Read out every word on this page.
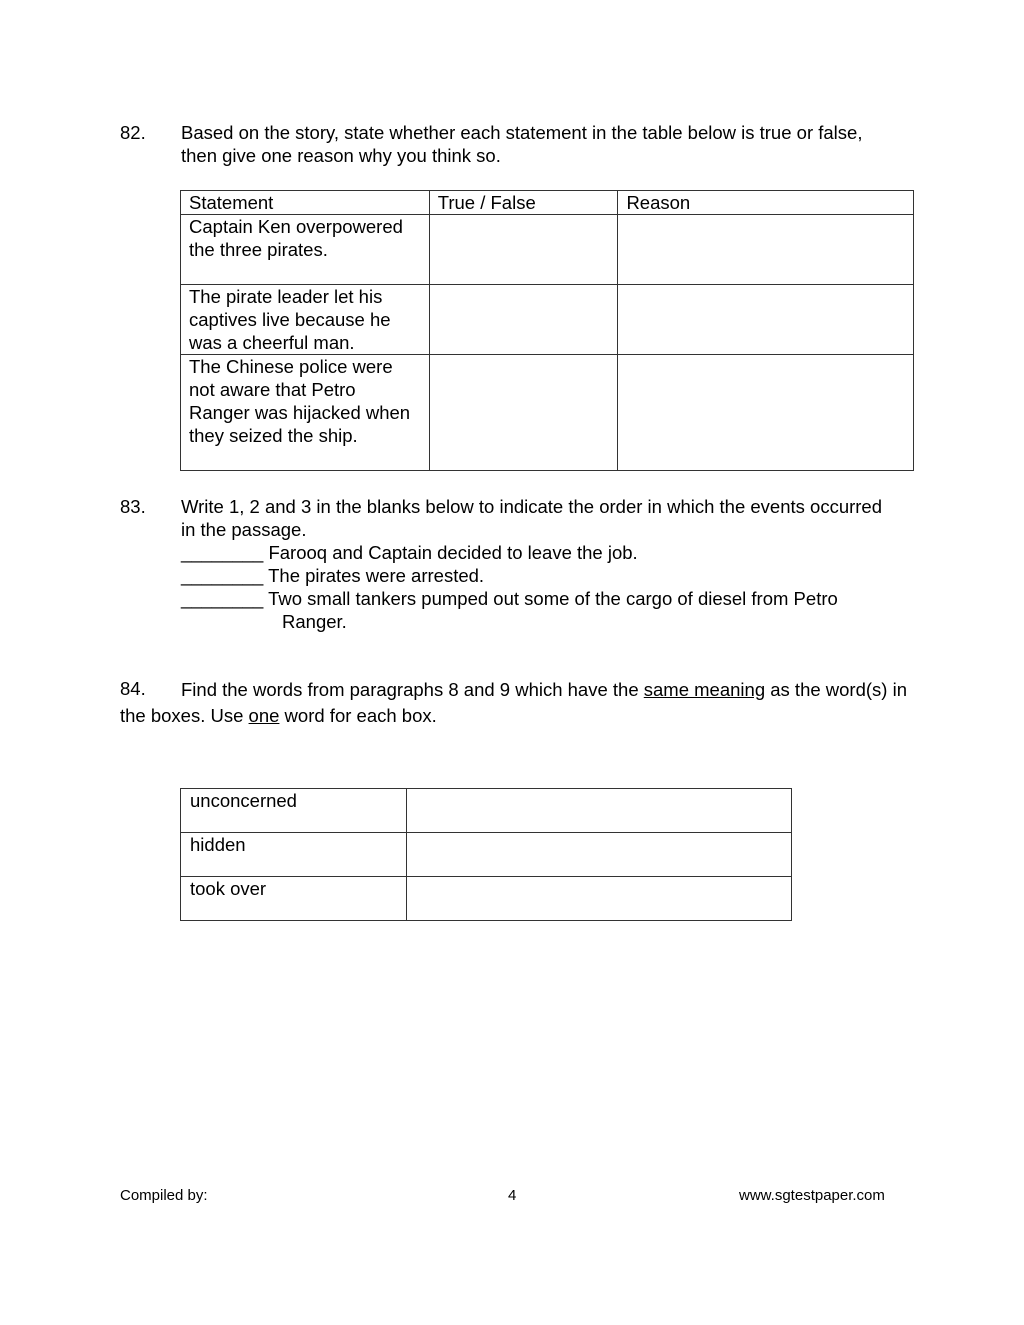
82. Based on the story, state whether each statement in the table below is true or false, then give one reason why you think so.
Statement	True / False	Reason
Captain Ken overpowered the three pirates.		
The pirate leader let his captives live because he was a cheerful man.		
The Chinese police were not aware that Petro Ranger was hijacked when they seized the ship.		
83. Write 1, 2 and 3 in the blanks below to indicate the order in which the events occurred in the passage.
________ Farooq and Captain decided to leave the job.
________ The pirates were arrested.
________ Two small tankers pumped out some of the cargo of diesel from Petro
Ranger.
84.	Find the words from paragraphs 8 and 9 which have the same meaning as the word(s) in the boxes. Use one word for each box.
unconcerned	
hidden	
took over	
Compiled by:	4	www.sgtestpaper.com
